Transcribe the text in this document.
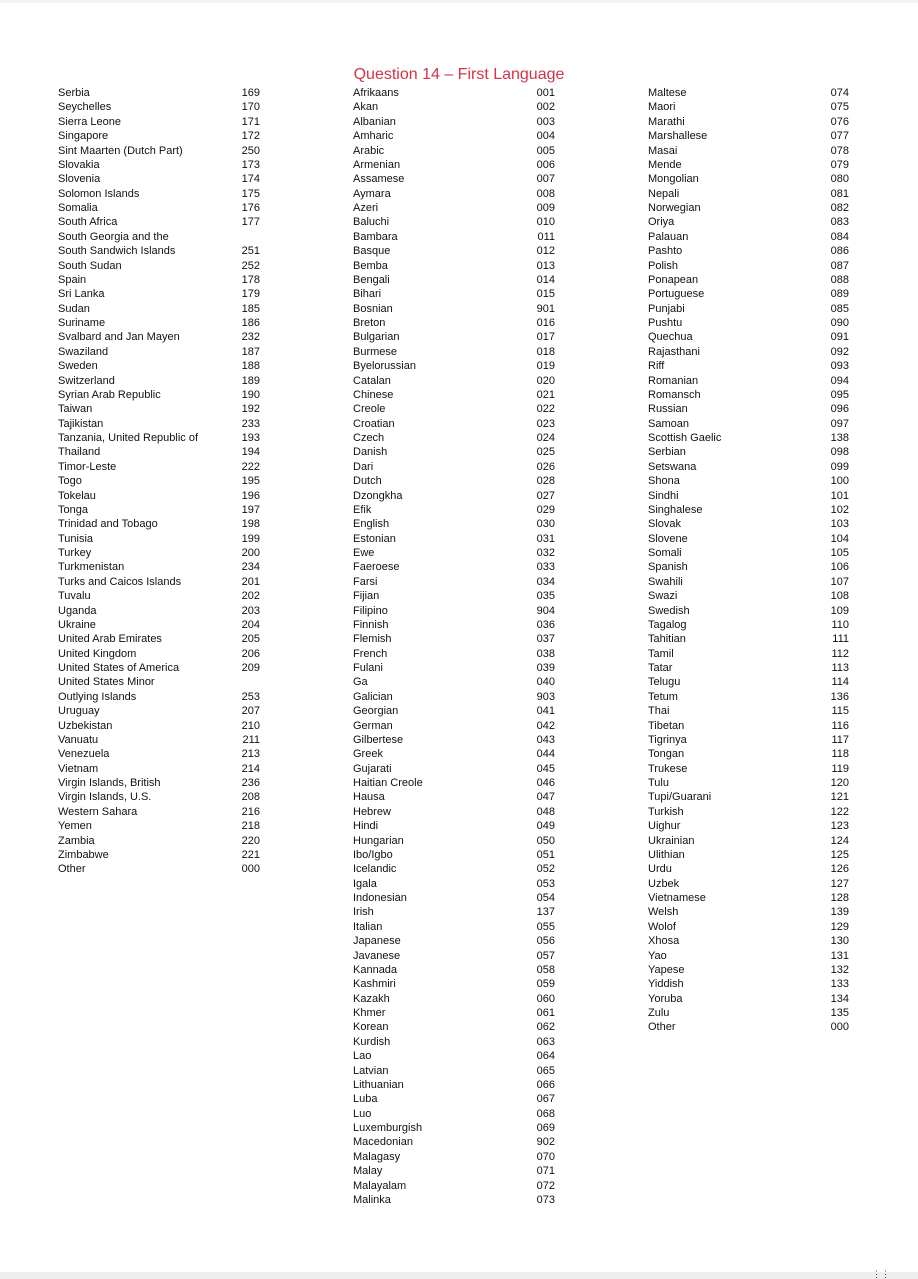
Question 14 – First Language
Serbia	169
Seychelles	170
Sierra Leone	171
Singapore	172
Sint Maarten (Dutch Part)	250
Slovakia	173
Slovenia	174
Solomon Islands	175
Somalia	176
South Africa	177
South Georgia and the
South Sandwich Islands	251
South Sudan	252
Spain	178
Sri Lanka	179
Sudan	185
Suriname	186
Svalbard and Jan Mayen	232
Swaziland	187
Sweden	188
Switzerland	189
Syrian Arab Republic	190
Taiwan	192
Tajikistan	233
Tanzania, United Republic of	193
Thailand	194
Timor-Leste	222
Togo	195
Tokelau	196
Tonga	197
Trinidad and Tobago	198
Tunisia	199
Turkey	200
Turkmenistan	234
Turks and Caicos Islands	201
Tuvalu	202
Uganda	203
Ukraine	204
United Arab Emirates	205
United Kingdom	206
United States of America	209
United States Minor
Outlying Islands	253
Uruguay	207
Uzbekistan	210
Vanuatu	211
Venezuela	213
Vietnam	214
Virgin Islands, British	236
Virgin Islands, U.S.	208
Western Sahara	216
Yemen	218
Zambia	220
Zimbabwe	221
Other	000
Afrikaans	001
Akan	002
Albanian	003
Amharic	004
Arabic	005
Armenian	006
Assamese	007
Aymara	008
Azeri	009
Baluchi	010
Bambara	011
Basque	012
Bemba	013
Bengali	014
Bihari	015
Bosnian	901
Breton	016
Bulgarian	017
Burmese	018
Byelorussian	019
Catalan	020
Chinese	021
Creole	022
Croatian	023
Czech	024
Danish	025
Dari	026
Dutch	028
Dzongkha	027
Efik	029
English	030
Estonian	031
Ewe	032
Faeroese	033
Farsi	034
Fijian	035
Filipino	904
Finnish	036
Flemish	037
French	038
Fulani	039
Ga	040
Galician	903
Georgian	041
German	042
Gilbertese	043
Greek	044
Gujarati	045
Haitian Creole	046
Hausa	047
Hebrew	048
Hindi	049
Hungarian	050
Ibo/Igbo	051
Icelandic	052
Igala	053
Indonesian	054
Irish	137
Italian	055
Japanese	056
Javanese	057
Kannada	058
Kashmiri	059
Kazakh	060
Khmer	061
Korean	062
Kurdish	063
Lao	064
Latvian	065
Lithuanian	066
Luba	067
Luo	068
Luxemburgish	069
Macedonian	902
Malagasy	070
Malay	071
Malayalam	072
Malinka	073
Maltese	074
Maori	075
Marathi	076
Marshallese	077
Masai	078
Mende	079
Mongolian	080
Nepali	081
Norwegian	082
Oriya	083
Palauan	084
Pashto	086
Polish	087
Ponapean	088
Portuguese	089
Punjabi	085
Pushtu	090
Quechua	091
Rajasthani	092
Riff	093
Romanian	094
Romansch	095
Russian	096
Samoan	097
Scottish Gaelic	138
Serbian	098
Setswana	099
Shona	100
Sindhi	101
Singhalese	102
Slovak	103
Slovene	104
Somali	105
Spanish	106
Swahili	107
Swazi	108
Swedish	109
Tagalog	110
Tahitian	111
Tamil	112
Tatar	113
Telugu	114
Tetum	136
Thai	115
Tibetan	116
Tigrinya	117
Tongan	118
Trukese	119
Tulu	120
Tupi/Guarani	121
Turkish	122
Uighur	123
Ukrainian	124
Ulithian	125
Urdu	126
Uzbek	127
Vietnamese	128
Welsh	139
Wolof	129
Xhosa	130
Yao	131
Yapese	132
Yiddish	133
Yoruba	134
Zulu	135
Other	000
⋮⋮
